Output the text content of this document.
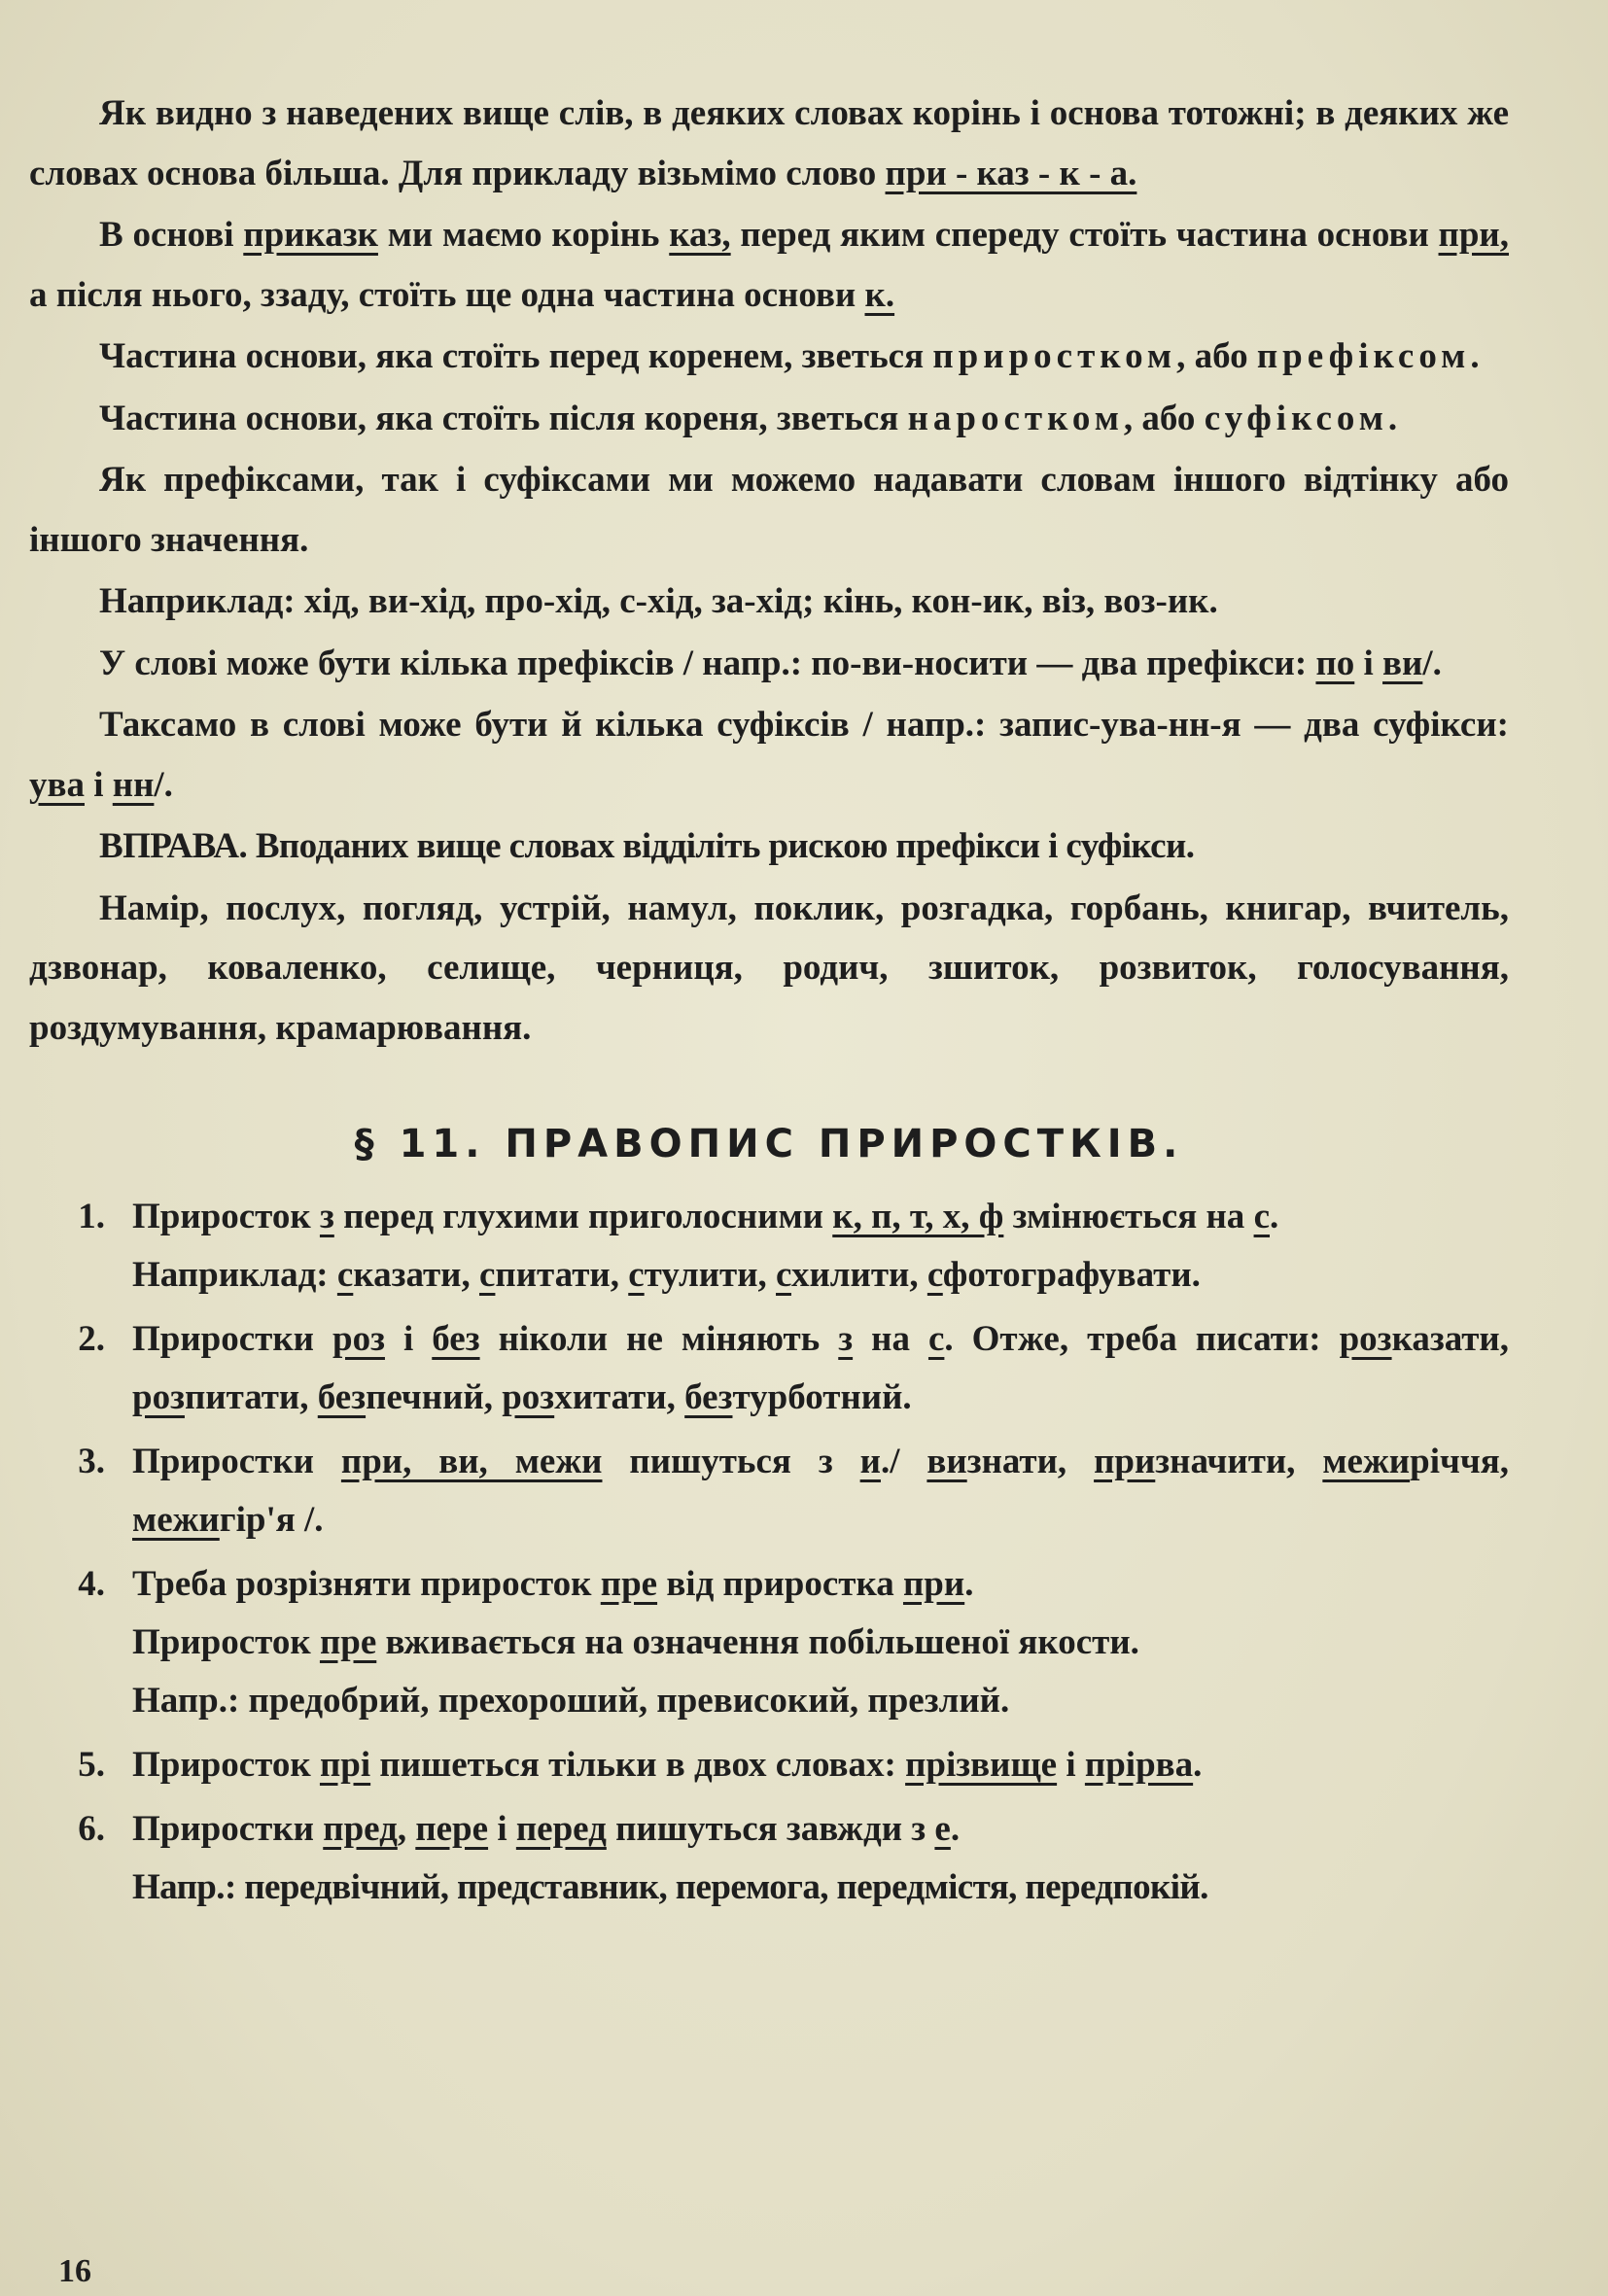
Як видно з наведених вище слів, в деяких словах корінь і основа тотожні; в деяких же словах основа більша. Для прикладу візьмімо слово при - каз - к - а.

В основі приказк ми маємо корінь каз, перед яким спереду стоїть частина основи при, а після нього, ззаду, стоїть ще одна частина основи к.

Частина основи, яка стоїть перед коренем, зветься приростком, або префіксом.

Частина основи, яка стоїть після кореня, зветься наростком, або суфіксом.

Як префіксами, так і суфіксами ми можемо надавати словам іншого відтінку або іншого значення.

Наприклад: хід, ви-хід, про-хід, с-хід, за-хід; кінь, кон-ик, віз, воз-ик.

У слові може бути кілька префіксів / напр.: по-ви-носити — два префікси: по і ви/.

Таксамо в слові може бути й кілька суфіксів / напр.: запис-ува-нн-я — два суфікси: ува і нн/.

ВПРАВА. Вподаних вище словах відділіть рискою префікси і суфікси.

Намір, послух, погляд, устрій, намул, поклик, розгадка, горбань, книгар, вчитель, дзвонар, коваленко, селище, черниця, родич, зшиток, розвиток, голосування, роздумування, крамарювання.

§ 11. ПРАВОПИС ПРИРОСТКІВ.
1. Приросток з перед глухими приголосними к, п, т, х, ф змінюється на с.
Наприклад: сказати, спитати, стулити, схилити, сфотографувати.
2. Приростки роз і без ніколи не міняють з на с. Отже, треба писати: розказати, розпитати, безпечний, розхитати, безтурботний.
3. Приростки при, ви, межи пишуться з и./ визнати, призначити, межиріччя, межигір'я /.
4. Треба розрізняти приросток пре від приростка при.
Приросток пре вживається на означення побільшеної якости.
Напр.: предобрий, прехороший, превисокий, презлий.
5. Приросток прі пишеться тільки в двох словах: прізвище і прірва.
6. Приростки пред, пере і перед пишуться завжди з е.
Напр.: передвічний, представник, перемога, передмістя, передпокій.
16
